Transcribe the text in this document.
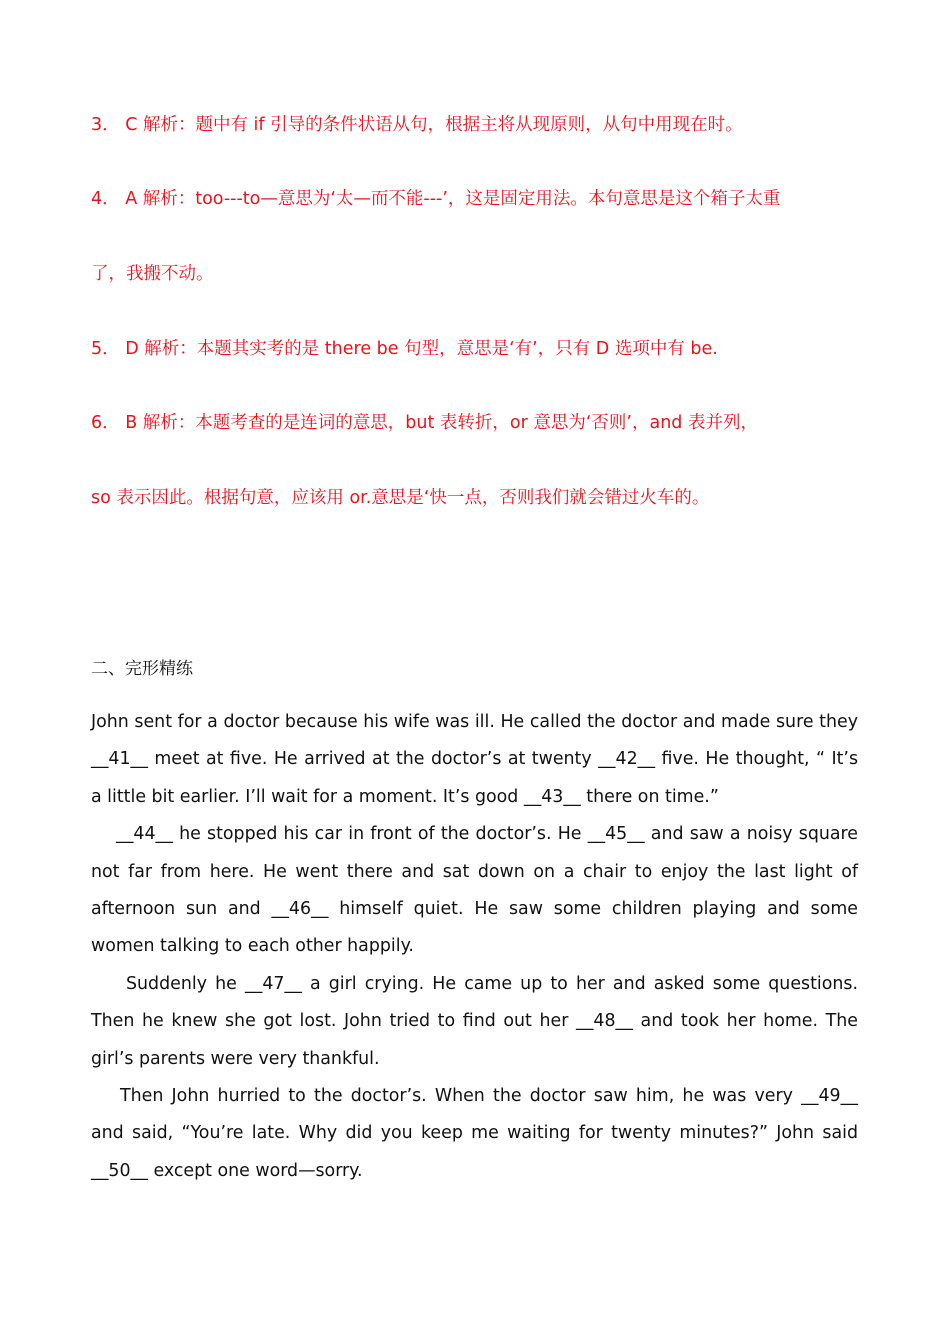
3． C 解析：题中有 if 引导的条件状语从句，根据主将从现原则，从句中用现在时。
4． A 解析：too---to—意思为‘太—而不能---’，这是固定用法。本句意思是这个箱子太重
了，我搬不动。
5． D 解析：本题其实考的是 there be 句型，意思是‘有’，只有 D 选项中有 be.
6． B 解析：本题考查的是连词的意思，but 表转折，or 意思为‘否则’，and 表并列，
so 表示因此。根据句意，应该用 or.意思是‘快一点，否则我们就会错过火车的。
二、完形精练

John sent for a doctor because his wife was ill. He called the doctor and made sure they __41__ meet at five. He arrived at the doctor’s at twenty __42__ five. He thought, “ It’s a little bit earlier. I’ll wait for a moment. It’s good __43__ there on time.”

__44__ he stopped his car in front of the doctor’s. He __45__ and saw a noisy square not far from here. He went there and sat down on a chair to enjoy the last light of afternoon sun and __46__ himself quiet. He saw some children playing and some women talking to each other happily.

Suddenly he __47__ a girl crying. He came up to her and asked some questions. Then he knew she got lost. John tried to find out her __48__ and took her home. The girl’s parents were very thankful.

Then John hurried to the doctor’s. When the doctor saw him, he was very __49__ and said, “You’re late. Why did you keep me waiting for twenty minutes?” John said __50__ except one word—sorry.
